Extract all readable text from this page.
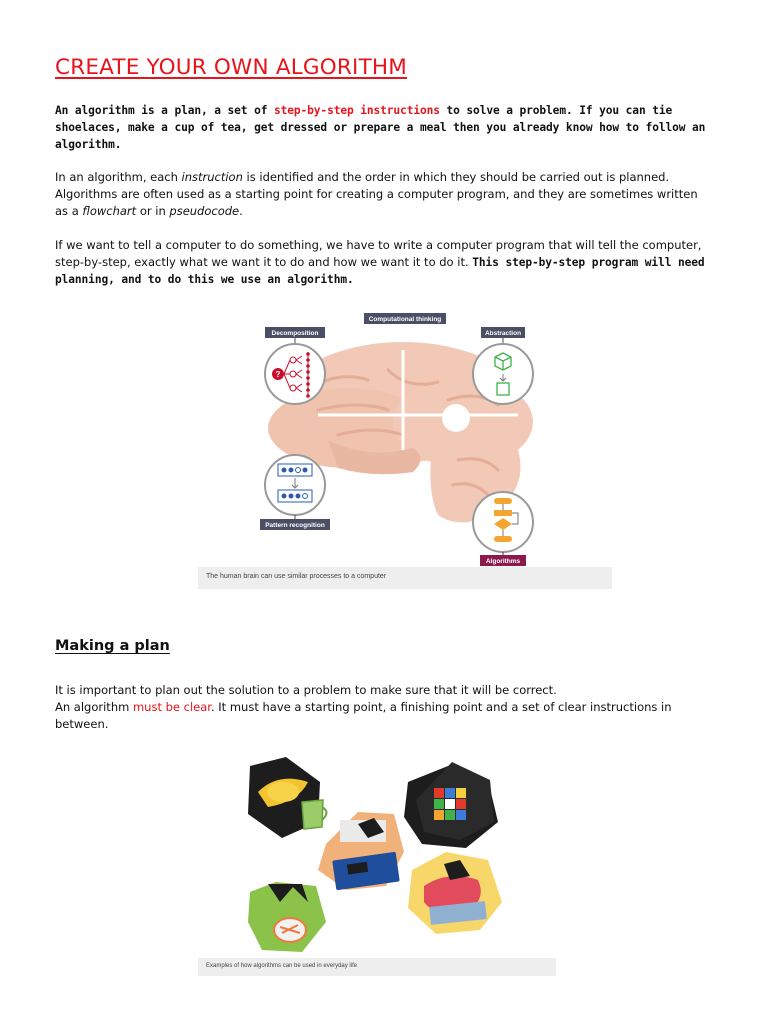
CREATE YOUR OWN ALGORITHM

An algorithm is a plan, a set of step-by-step instructions to solve a problem. If you can tie shoelaces, make a cup of tea, get dressed or prepare a meal then you already know how to follow an algorithm.

In an algorithm, each instruction is identified and the order in which they should be carried out is planned. Algorithms are often used as a starting point for creating a computer program, and they are sometimes written as a flowchart or in pseudocode.

If we want to tell a computer to do something, we have to write a computer program that will tell the computer, step-by-step, exactly what we want it to do and how we want it to do it. This step-by-step program will need planning, and to do this we use an algorithm.

Computational thinking
Decomposition
?
Abstraction
Pattern recognition
Algorithms
The human brain can use similar processes to a computer
Making a plan

It is important to plan out the solution to a problem to make sure that it will be correct.
An algorithm must be clear. It must have a starting point, a finishing point and a set of clear instructions in between.

Examples of how algorithms can be used in everyday life
